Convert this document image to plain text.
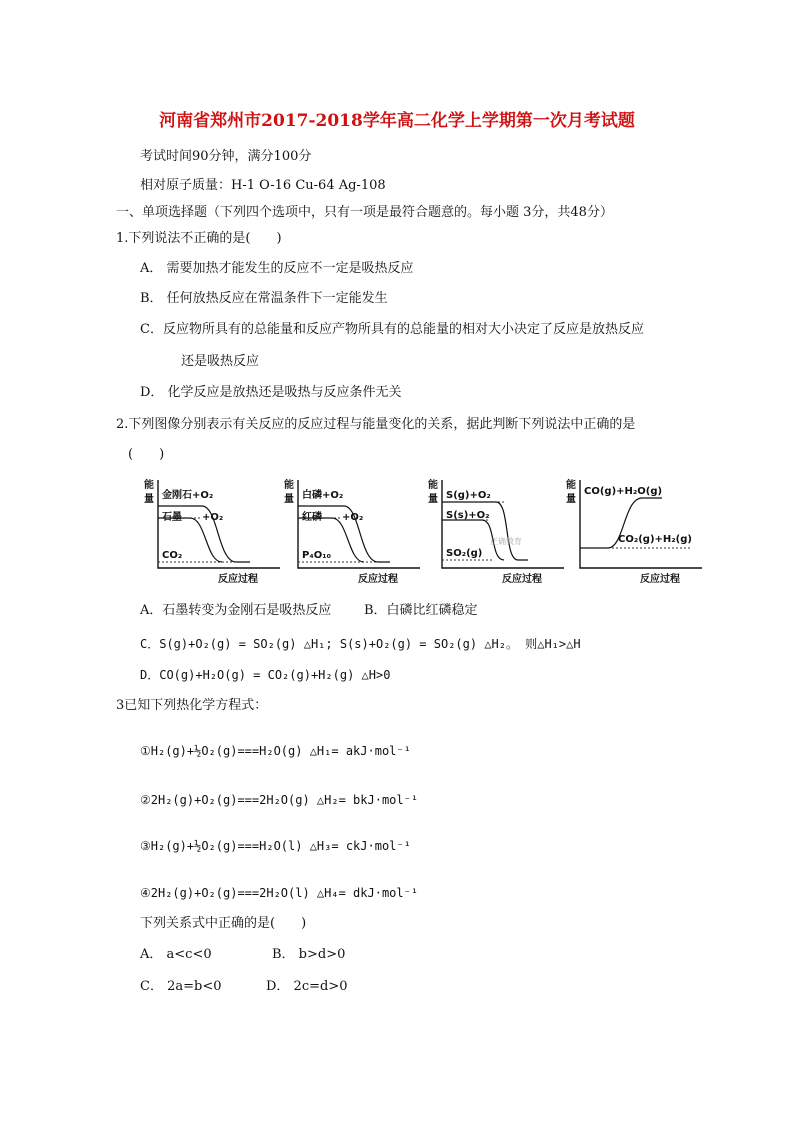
河南省郑州市2017-2018学年高二化学上学期第一次月考试题
考试时间90分钟，满分100分
相对原子质量：H-1 O-16 Cu-64 Ag-108
一、单项选择题（下列四个选项中，只有一项是最符合题意的。每小题 3分，共48分）
1.下列说法不正确的是(　　)
A． 需要加热才能发生的反应不一定是吸热反应
B． 任何放热反应在常温条件下一定能发生
C．反应物所具有的总能量和反应产物所具有的总能量的相对大小决定了反应是放热反应
还是吸热反应
D． 化学反应是放热还是吸热与反应条件无关
2.下列图像分别表示有关反应的反应过程与能量变化的关系，据此判断下列说法中正确的是
(　　)
能
量 金刚石+O₂
石墨 +O₂
CO₂
反应过程
能
量 白磷+O₂
红磷 +O₂
P₄O₁₀
反应过程
能
量 S(g)+O₂
S(s)+O₂
SO₂(g)
正确教育
反应过程
能
量
CO(g)+H₂O(g)
CO₂(g)+H₂(g)
反应过程
A．石墨转变为金刚石是吸热反应	B．白磷比红磷稳定
C．S(g)+O₂(g) = SO₂(g) △H₁; S(s)+O₂(g) = SO₂(g) △H₂。 则△H₁>△H
D．CO(g)+H₂O(g) = CO₂(g)+H₂(g) △H>0
3已知下列热化学方程式：
①H₂(g)+½O₂(g)===H₂O(g) △H₁= akJ·mol⁻¹
②2H₂(g)+O₂(g)===2H₂O(g) △H₂= bkJ·mol⁻¹
③H₂(g)+½O₂(g)===H₂O(l) △H₃= ckJ·mol⁻¹
④2H₂(g)+O₂(g)===2H₂O(l) △H₄= dkJ·mol⁻¹
下列关系式中正确的是(　　)
A． a<c<0	B． b>d>0
C． 2a=b<0	D． 2c=d>0
